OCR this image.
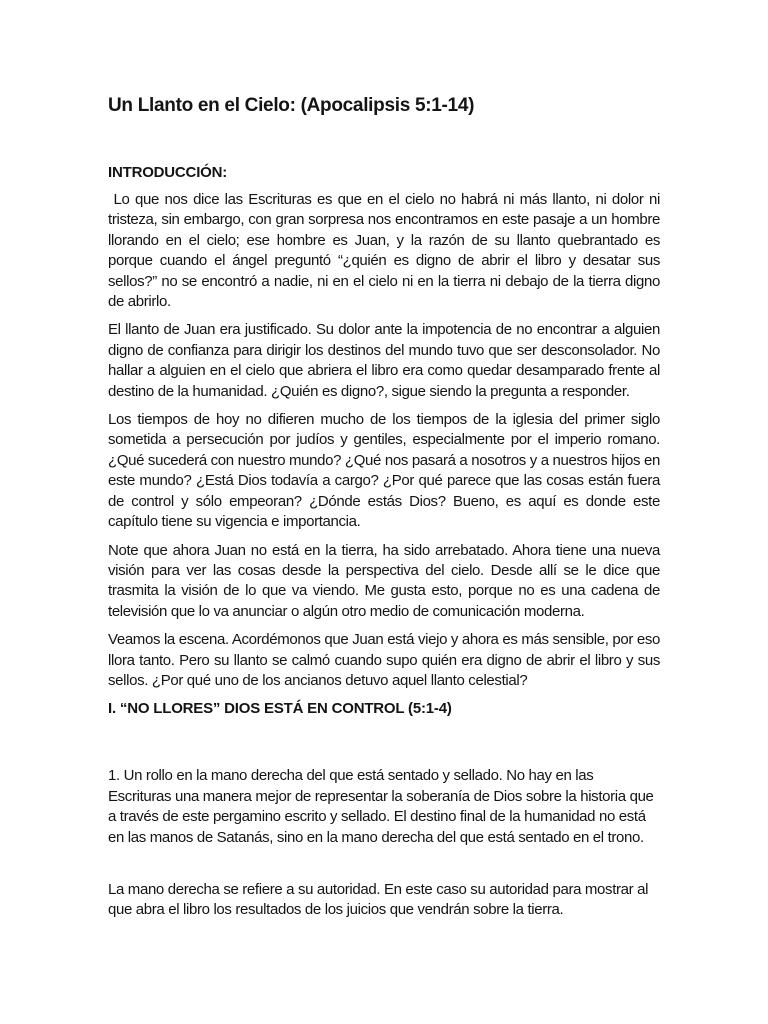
Un Llanto en el Cielo: (Apocalipsis 5:1-14)
INTRODUCCIÓN:

Lo que nos dice las Escrituras es que en el cielo no habrá ni más llanto, ni dolor ni tristeza, sin embargo, con gran sorpresa nos encontramos en este pasaje a un hombre llorando en el cielo; ese hombre es Juan, y la razón de su llanto quebrantado es porque cuando el ángel preguntó “¿quién es digno de abrir el libro y desatar sus sellos?” no se encontró a nadie, ni en el cielo ni en la tierra ni debajo de la tierra digno de abrirlo.

El llanto de Juan era justificado. Su dolor ante la impotencia de no encontrar a alguien digno de confianza para dirigir los destinos del mundo tuvo que ser desconsolador. No hallar a alguien en el cielo que abriera el libro era como quedar desamparado frente al destino de la humanidad. ¿Quién es digno?, sigue siendo la pregunta a responder.

Los tiempos de hoy no difieren mucho de los tiempos de la iglesia del primer siglo sometida a persecución por judíos y gentiles, especialmente por el imperio romano. ¿Qué sucederá con nuestro mundo? ¿Qué nos pasará a nosotros y a nuestros hijos en este mundo? ¿Está Dios todavía a cargo? ¿Por qué parece que las cosas están fuera de control y sólo empeoran? ¿Dónde estás Dios? Bueno, es aquí es donde este capítulo tiene su vigencia e importancia.

Note que ahora Juan no está en la tierra, ha sido arrebatado. Ahora tiene una nueva visión para ver las cosas desde la perspectiva del cielo. Desde allí se le dice que trasmita la visión de lo que va viendo. Me gusta esto, porque no es una cadena de televisión que lo va anunciar o algún otro medio de comunicación moderna.

Veamos la escena. Acordémonos que Juan está viejo y ahora es más sensible, por eso llora tanto. Pero su llanto se calmó cuando supo quién era digno de abrir el libro y sus sellos. ¿Por qué uno de los ancianos detuvo aquel llanto celestial?

I. “NO LLORES” DIOS ESTÁ EN CONTROL (5:1-4)

1. Un rollo en la mano derecha del que está sentado y sellado. No hay en las Escrituras una manera mejor de representar la soberanía de Dios sobre la historia que a través de este pergamino escrito y sellado. El destino final de la humanidad no está en las manos de Satanás, sino en la mano derecha del que está sentado en el trono.

La mano derecha se refiere a su autoridad. En este caso su autoridad para mostrar al que abra el libro los resultados de los juicios que vendrán sobre la tierra.
